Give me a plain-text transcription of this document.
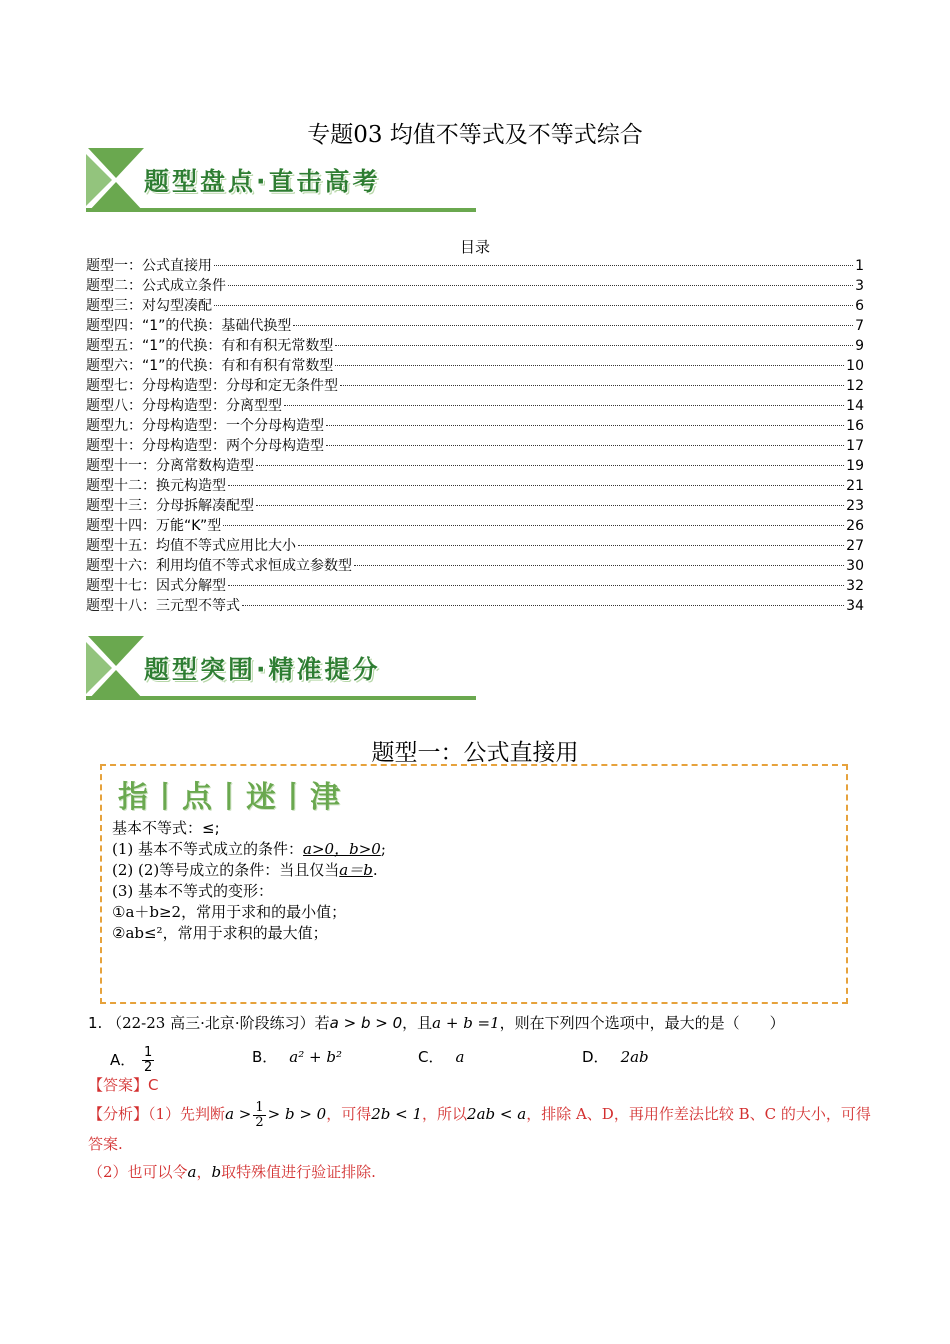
专题03 均值不等式及不等式综合
题型盘点·直击高考
目录
题型一：公式直接用	1
题型二：公式成立条件	3
题型三：对勾型凑配	6
题型四：“1”的代换：基础代换型	7
题型五：“1”的代换：有和有积无常数型	9
题型六：“1”的代换：有和有积有常数型	10
题型七：分母构造型：分母和定无条件型	12
题型八：分母构造型：分离型型	14
题型九：分母构造型：一个分母构造型	16
题型十：分母构造型：两个分母构造型	17
题型十一：分离常数构造型	19
题型十二：换元构造型	21
题型十三：分母拆解凑配型	23
题型十四：万能“K”型	26
题型十五：均值不等式应用比大小	27
题型十六：利用均值不等式求恒成立参数型	30
题型十七：因式分解型	32
题型十八：三元型不等式	34
题型突围·精准提分
题型一：公式直接用
指丨点丨迷丨津
基本不等式：≤;
(1) 基本不等式成立的条件：a>0，b>0;
(2) (2)等号成立的条件：当且仅当a＝b.
(3) 基本不等式的变形：
①a＋b≥2，常用于求和的最小值；
②ab≤²，常用于求积的最大值；
1. （22-23 高三·北京·阶段练习）若a > b > 0，且a + b =1，则在下列四个选项中，最大的是（　　）
A． $\frac{1}{2}$	B． a² + b²	C． a	D． 2ab
【答案】C
【分析】（1）先判断$a > \frac{1}{2} > b > 0$，可得2b < 1，所以2ab < a，排除 A、D，再用作差法比较 B、C 的大小，可得答案.
（2）也可以令a，b取特殊值进行验证排除.
